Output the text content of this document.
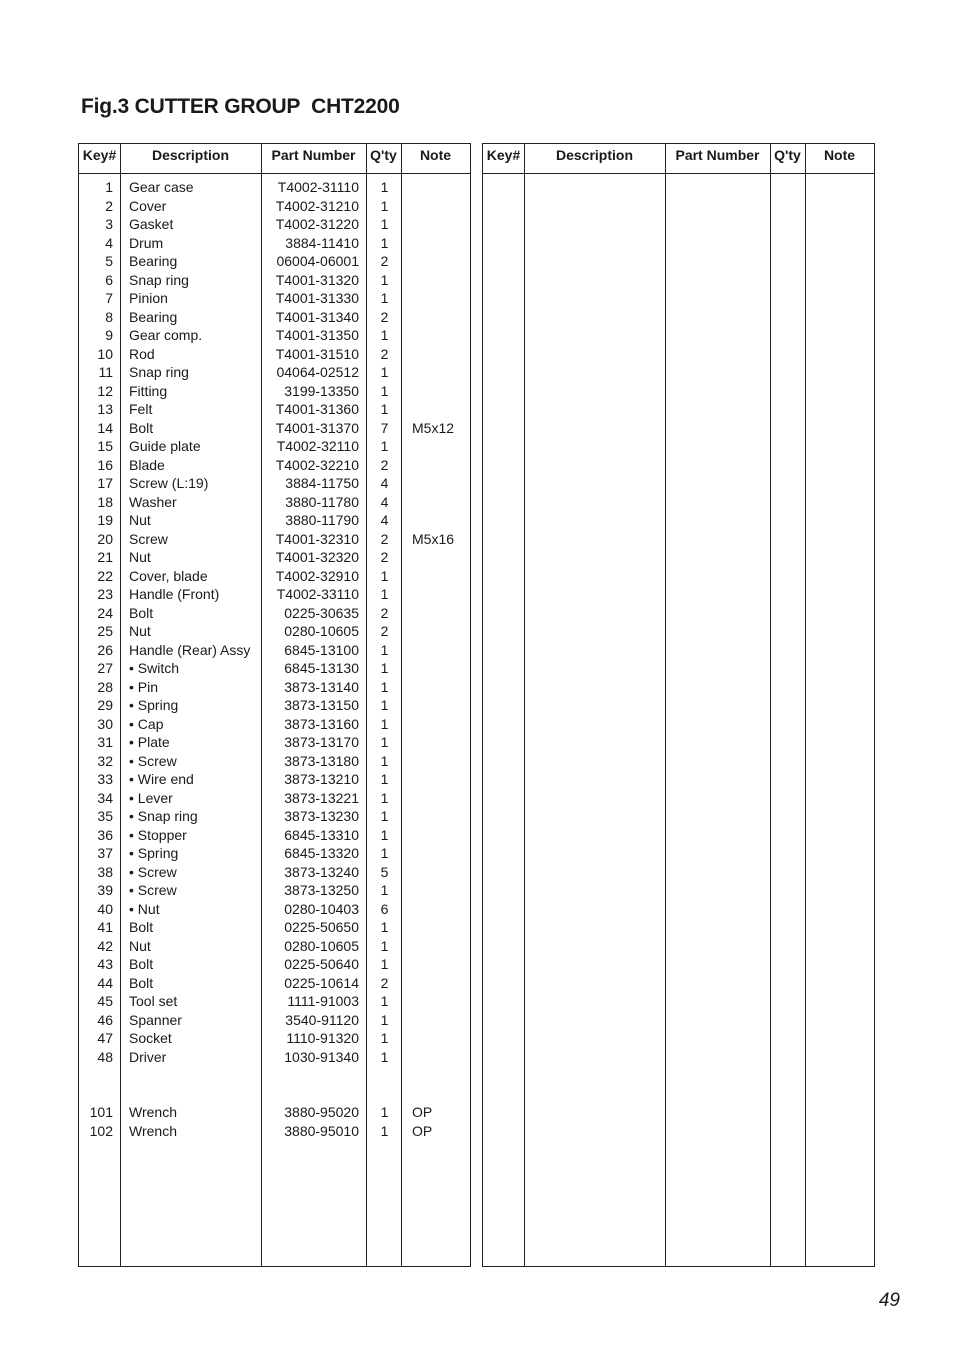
Fig.3 CUTTER GROUP  CHT2200
Key#	Description	Part Number	Q'ty	Note
1 Gear case	T4002-31110	1
2 Cover	T4002-31210	1
3 Gasket	T4002-31220	1
4 Drum	3884-11410	1
5 Bearing	06004-06001	2
6 Snap ring	T4001-31320	1
7 Pinion	T4001-31330	1
8 Bearing	T4001-31340	2
9 Gear comp.	T4001-31350	1
10 Rod	T4001-31510	2
11 Snap ring	04064-02512	1
12 Fitting	3199-13350	1
13 Felt	T4001-31360	1
14 Bolt	T4001-31370	7	M5x12
15 Guide plate	T4002-32110	1
16 Blade	T4002-32210	2
17 Screw (L:19)	3884-11750	4
18 Washer	3880-11780	4
19 Nut	3880-11790	4
20 Screw	T4001-32310	2	M5x16
21 Nut	T4001-32320	2
22 Cover, blade	T4002-32910	1
23 Handle (Front)	T4002-33110	1
24 Bolt	0225-30635	2
25 Nut	0280-10605	2
26 Handle (Rear) Assy	6845-13100	1
27 • Switch	6845-13130	1
28 • Pin	3873-13140	1
29 • Spring	3873-13150	1
30 • Cap	3873-13160	1
31 • Plate	3873-13170	1
32 • Screw	3873-13180	1
33 • Wire end	3873-13210	1
34 • Lever	3873-13221	1
35 • Snap ring	3873-13230	1
36 • Stopper	6845-13310	1
37 • Spring	6845-13320	1
38 • Screw	3873-13240	5
39 • Screw	3873-13250	1
40 • Nut	0280-10403	6
41 Bolt	0225-50650	1
42 Nut	0280-10605	1
43 Bolt	0225-50640	1
44 Bolt	0225-10614	2
45 Tool set	1111-91003	1
46 Spanner	3540-91120	1
47 Socket	1110-91320	1
48 Driver	1030-91340	1
101 Wrench	3880-95020	1	OP
102 Wrench	3880-95010	1	OP
Key#	Description	Part Number	Q'ty	Note
49
